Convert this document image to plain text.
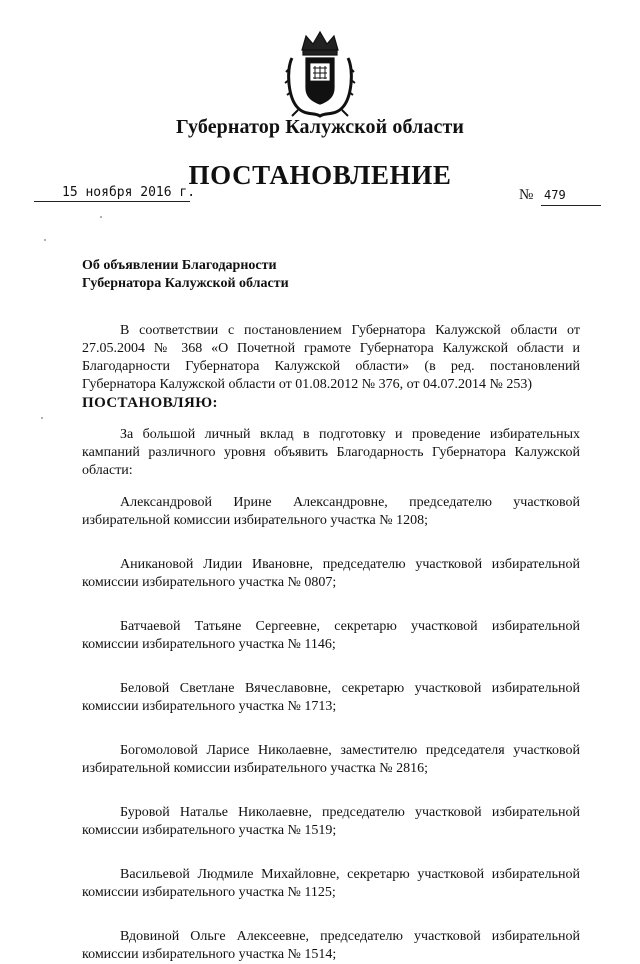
Губернатор Калужской области
ПОСТАНОВЛЕНИЕ
15 ноября 2016 г.	№ 479
Об объявлении Благодарности
Губернатора Калужской области

В соответствии с постановлением Губернатора Калужской области от 27.05.2004 № 368 «О Почетной грамоте Губернатора Калужской области и Благодарности Губернатора Калужской области» (в ред. постановлений Губернатора Калужской области от 01.08.2012 № 376, от 04.07.2014 № 253)

ПОСТАНОВЛЯЮ:

За большой личный вклад в подготовку и проведение избирательных кампаний различного уровня объявить Благодарность Губернатора Калужской области:

Александровой Ирине Александровне, председателю участковой избирательной комиссии избирательного участка № 1208;

Аникановой Лидии Ивановне, председателю участковой избирательной комиссии избирательного участка № 0807;

Батчаевой Татьяне Сергеевне, секретарю участковой избирательной комиссии избирательного участка № 1146;

Беловой Светлане Вячеславовне, секретарю участковой избирательной комиссии избирательного участка № 1713;

Богомоловой Ларисе Николаевне, заместителю председателя участковой избирательной комиссии избирательного участка № 2816;

Буровой Наталье Николаевне, председателю участковой избирательной комиссии избирательного участка № 1519;

Васильевой Людмиле Михайловне, секретарю участковой избирательной комиссии избирательного участка № 1125;

Вдовиной Ольге Алексеевне, председателю участковой избирательной комиссии избирательного участка № 1514;
